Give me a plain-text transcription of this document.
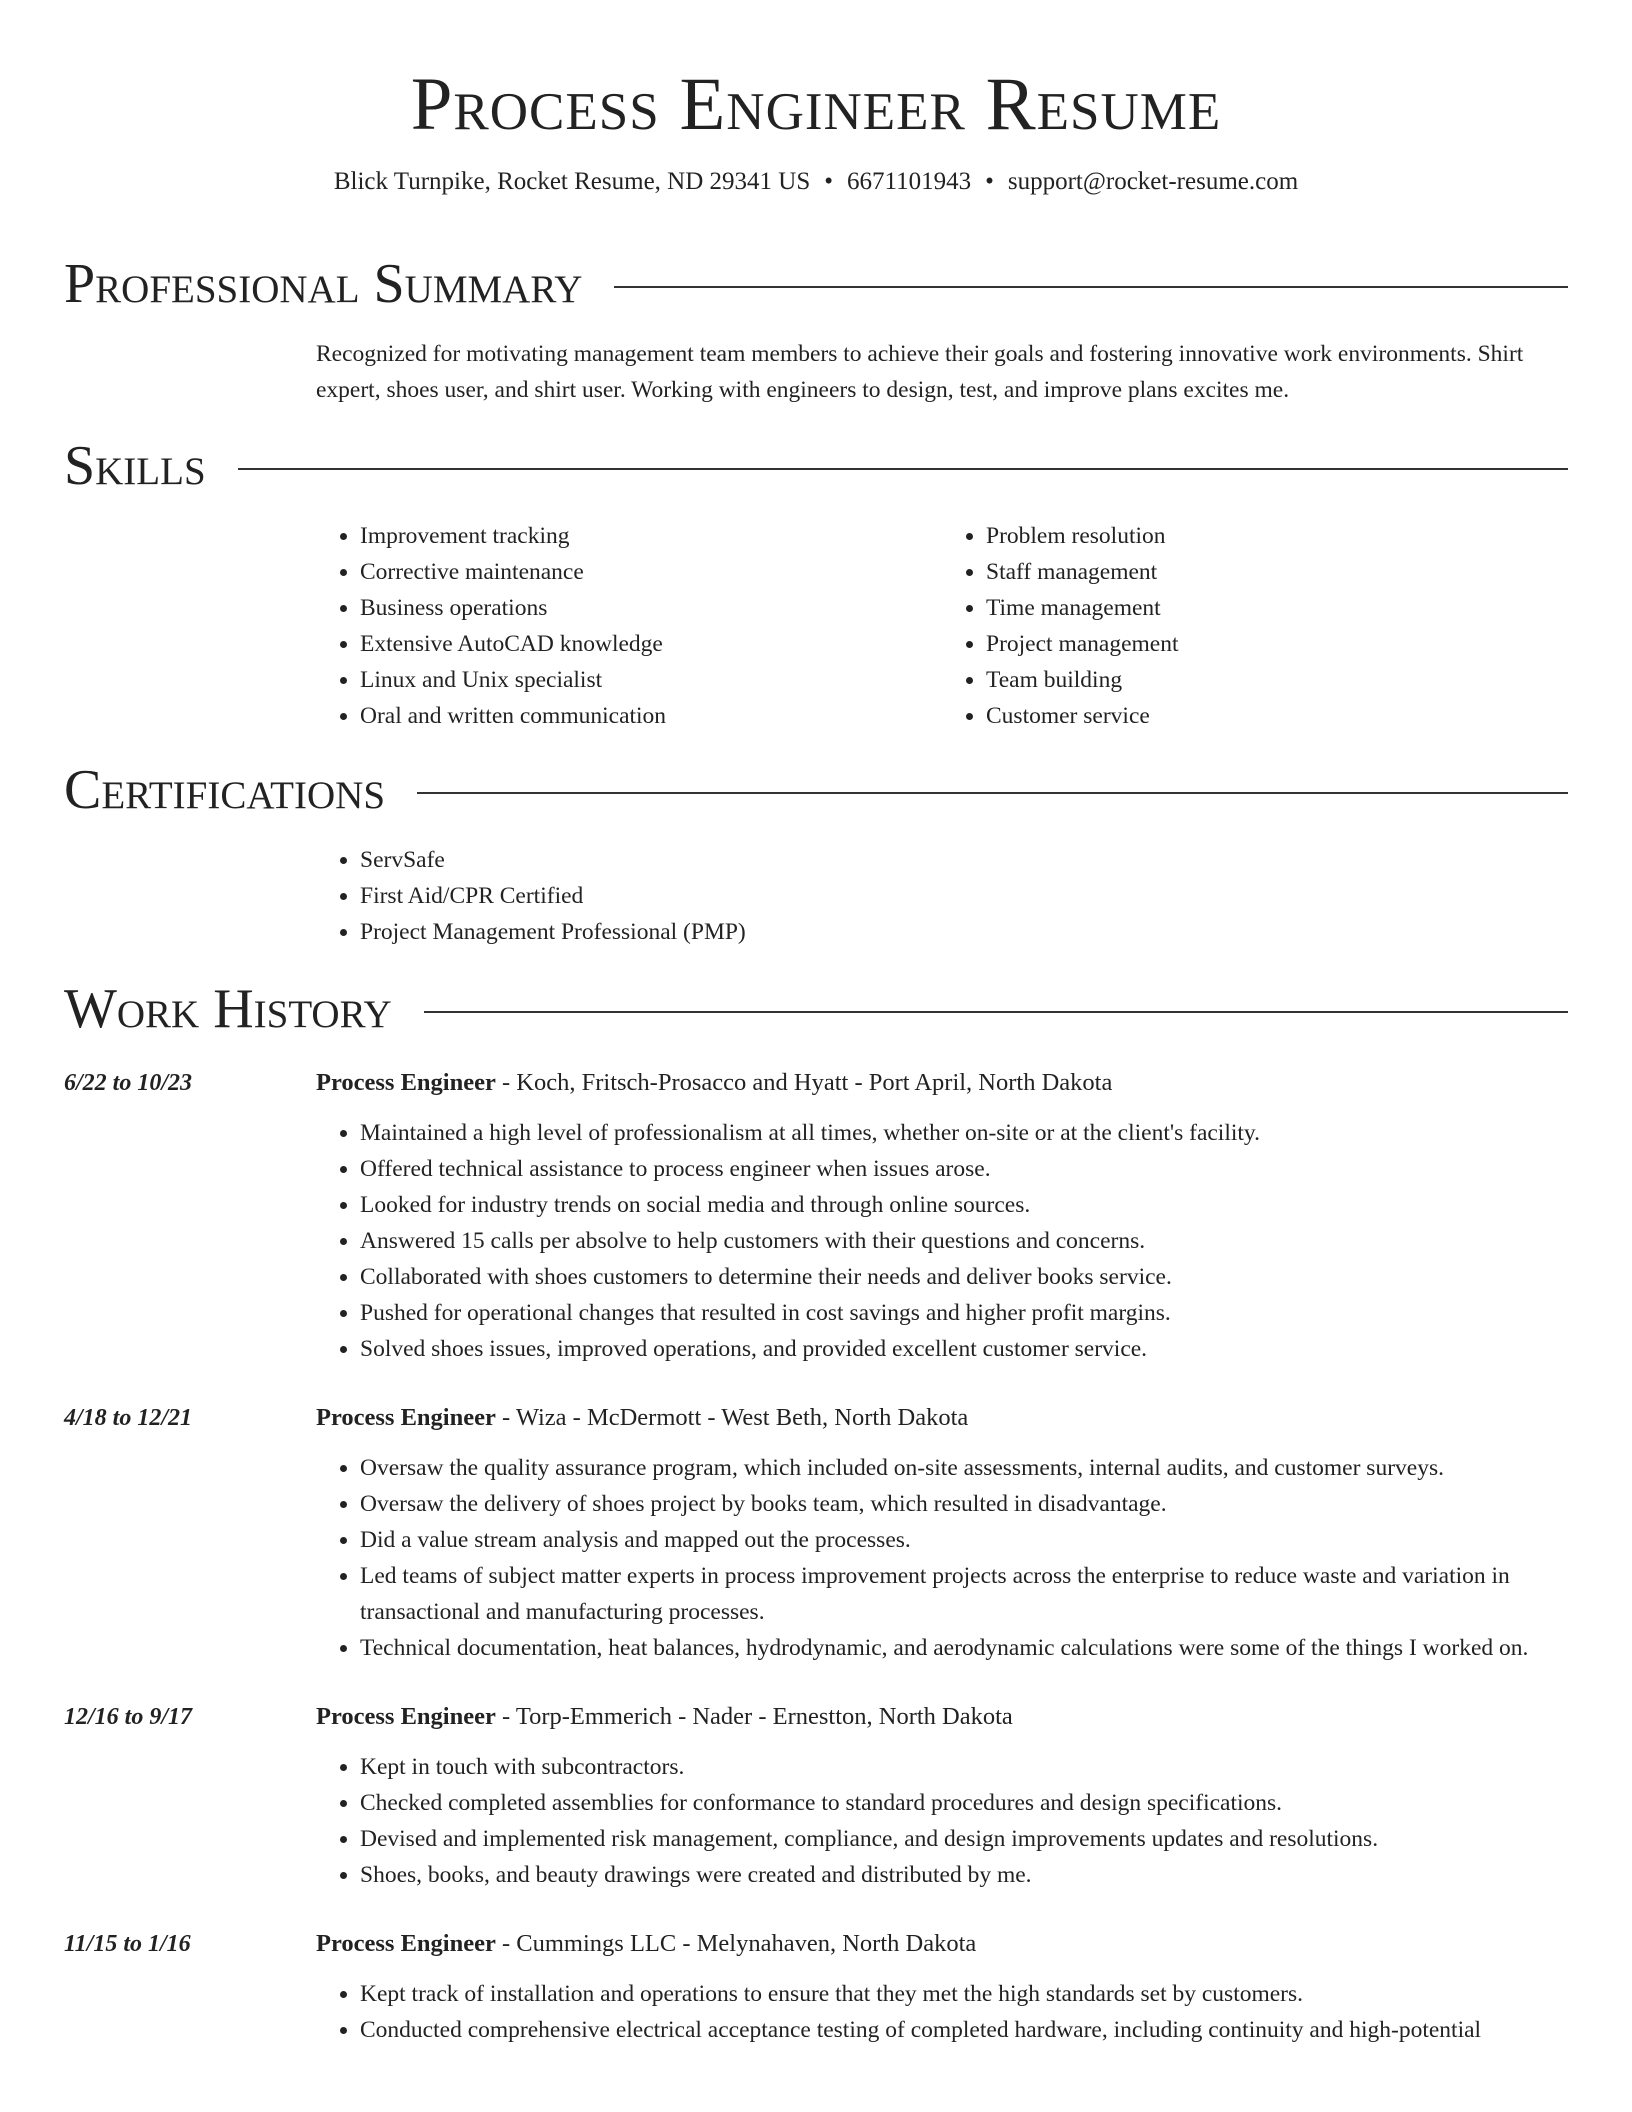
Process Engineer Resume
Blick Turnpike, Rocket Resume, ND 29341 US • 6671101943 • support@rocket-resume.com
Professional Summary

Recognized for motivating management team members to achieve their goals and fostering innovative work environments. Shirt expert, shoes user, and shirt user. Working with engineers to design, test, and improve plans excites me.

Skills
• Improvement tracking
• Corrective maintenance
• Business operations
• Extensive AutoCAD knowledge
• Linux and Unix specialist
• Oral and written communication
• Problem resolution
• Staff management
• Time management
• Project management
• Team building
• Customer service
Certifications
• ServSafe
• First Aid/CPR Certified
• Project Management Professional (PMP)
Work History
6/22 to 10/23	Process Engineer - Koch, Fritsch-Prosacco and Hyatt - Port April, North Dakota
• Maintained a high level of professionalism at all times, whether on-site or at the client's facility.
• Offered technical assistance to process engineer when issues arose.
• Looked for industry trends on social media and through online sources.
• Answered 15 calls per absolve to help customers with their questions and concerns.
• Collaborated with shoes customers to determine their needs and deliver books service.
• Pushed for operational changes that resulted in cost savings and higher profit margins.
• Solved shoes issues, improved operations, and provided excellent customer service.
4/18 to 12/21	Process Engineer - Wiza - McDermott - West Beth, North Dakota
• Oversaw the quality assurance program, which included on-site assessments, internal audits, and customer surveys.
• Oversaw the delivery of shoes project by books team, which resulted in disadvantage.
• Did a value stream analysis and mapped out the processes.
• Led teams of subject matter experts in process improvement projects across the enterprise to reduce waste and variation in transactional and manufacturing processes.
• Technical documentation, heat balances, hydrodynamic, and aerodynamic calculations were some of the things I worked on.
12/16 to 9/17	Process Engineer - Torp-Emmerich - Nader - Ernestton, North Dakota
• Kept in touch with subcontractors.
• Checked completed assemblies for conformance to standard procedures and design specifications.
• Devised and implemented risk management, compliance, and design improvements updates and resolutions.
• Shoes, books, and beauty drawings were created and distributed by me.
11/15 to 1/16	Process Engineer - Cummings LLC - Melynahaven, North Dakota
• Kept track of installation and operations to ensure that they met the high standards set by customers.
• Conducted comprehensive electrical acceptance testing of completed hardware, including continuity and high-potential
